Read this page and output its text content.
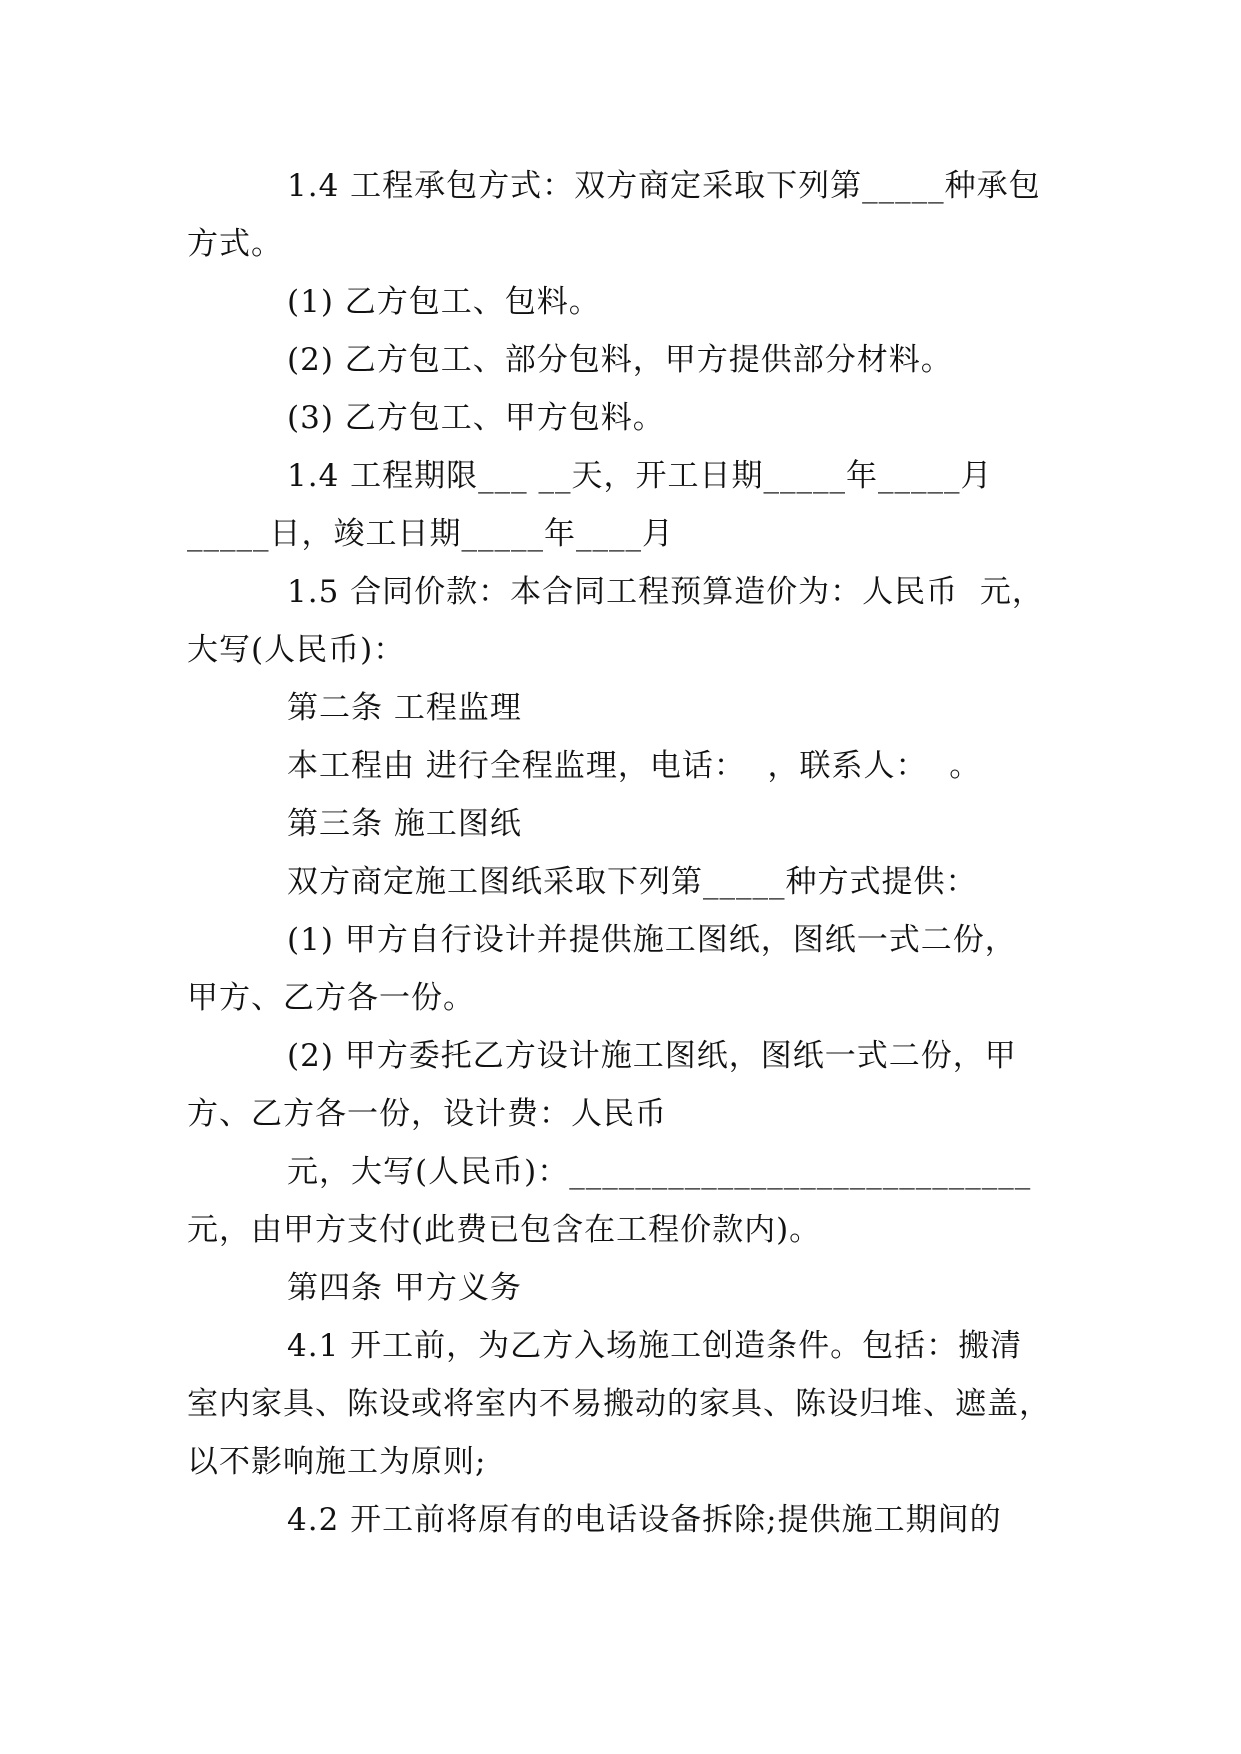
1.4 工程承包方式：双方商定采取下列第_____种承包

方式。

(1) 乙方包工、包料。

(2) 乙方包工、部分包料，甲方提供部分材料。

(3) 乙方包工、甲方包料。

1.4 工程期限___ __天，开工日期_____年_____月

_____日，竣工日期_____年____月

1.5 合同价款：本合同工程预算造价为：人民币  元，

大写(人民币)：

第二条 工程监理

本工程由 进行全程监理，电话：  ，联系人：  。

第三条 施工图纸

双方商定施工图纸采取下列第_____种方式提供：

(1) 甲方自行设计并提供施工图纸，图纸一式二份，

甲方、乙方各一份。

(2) 甲方委托乙方设计施工图纸，图纸一式二份，甲

方、乙方各一份，设计费：人民币

元，大写(人民币)：____________________________

元，由甲方支付(此费已包含在工程价款内)。

第四条 甲方义务

4.1 开工前，为乙方入场施工创造条件。包括：搬清

室内家具、陈设或将室内不易搬动的家具、陈设归堆、遮盖，

以不影响施工为原则;

4.2 开工前将原有的电话设备拆除;提供施工期间的
